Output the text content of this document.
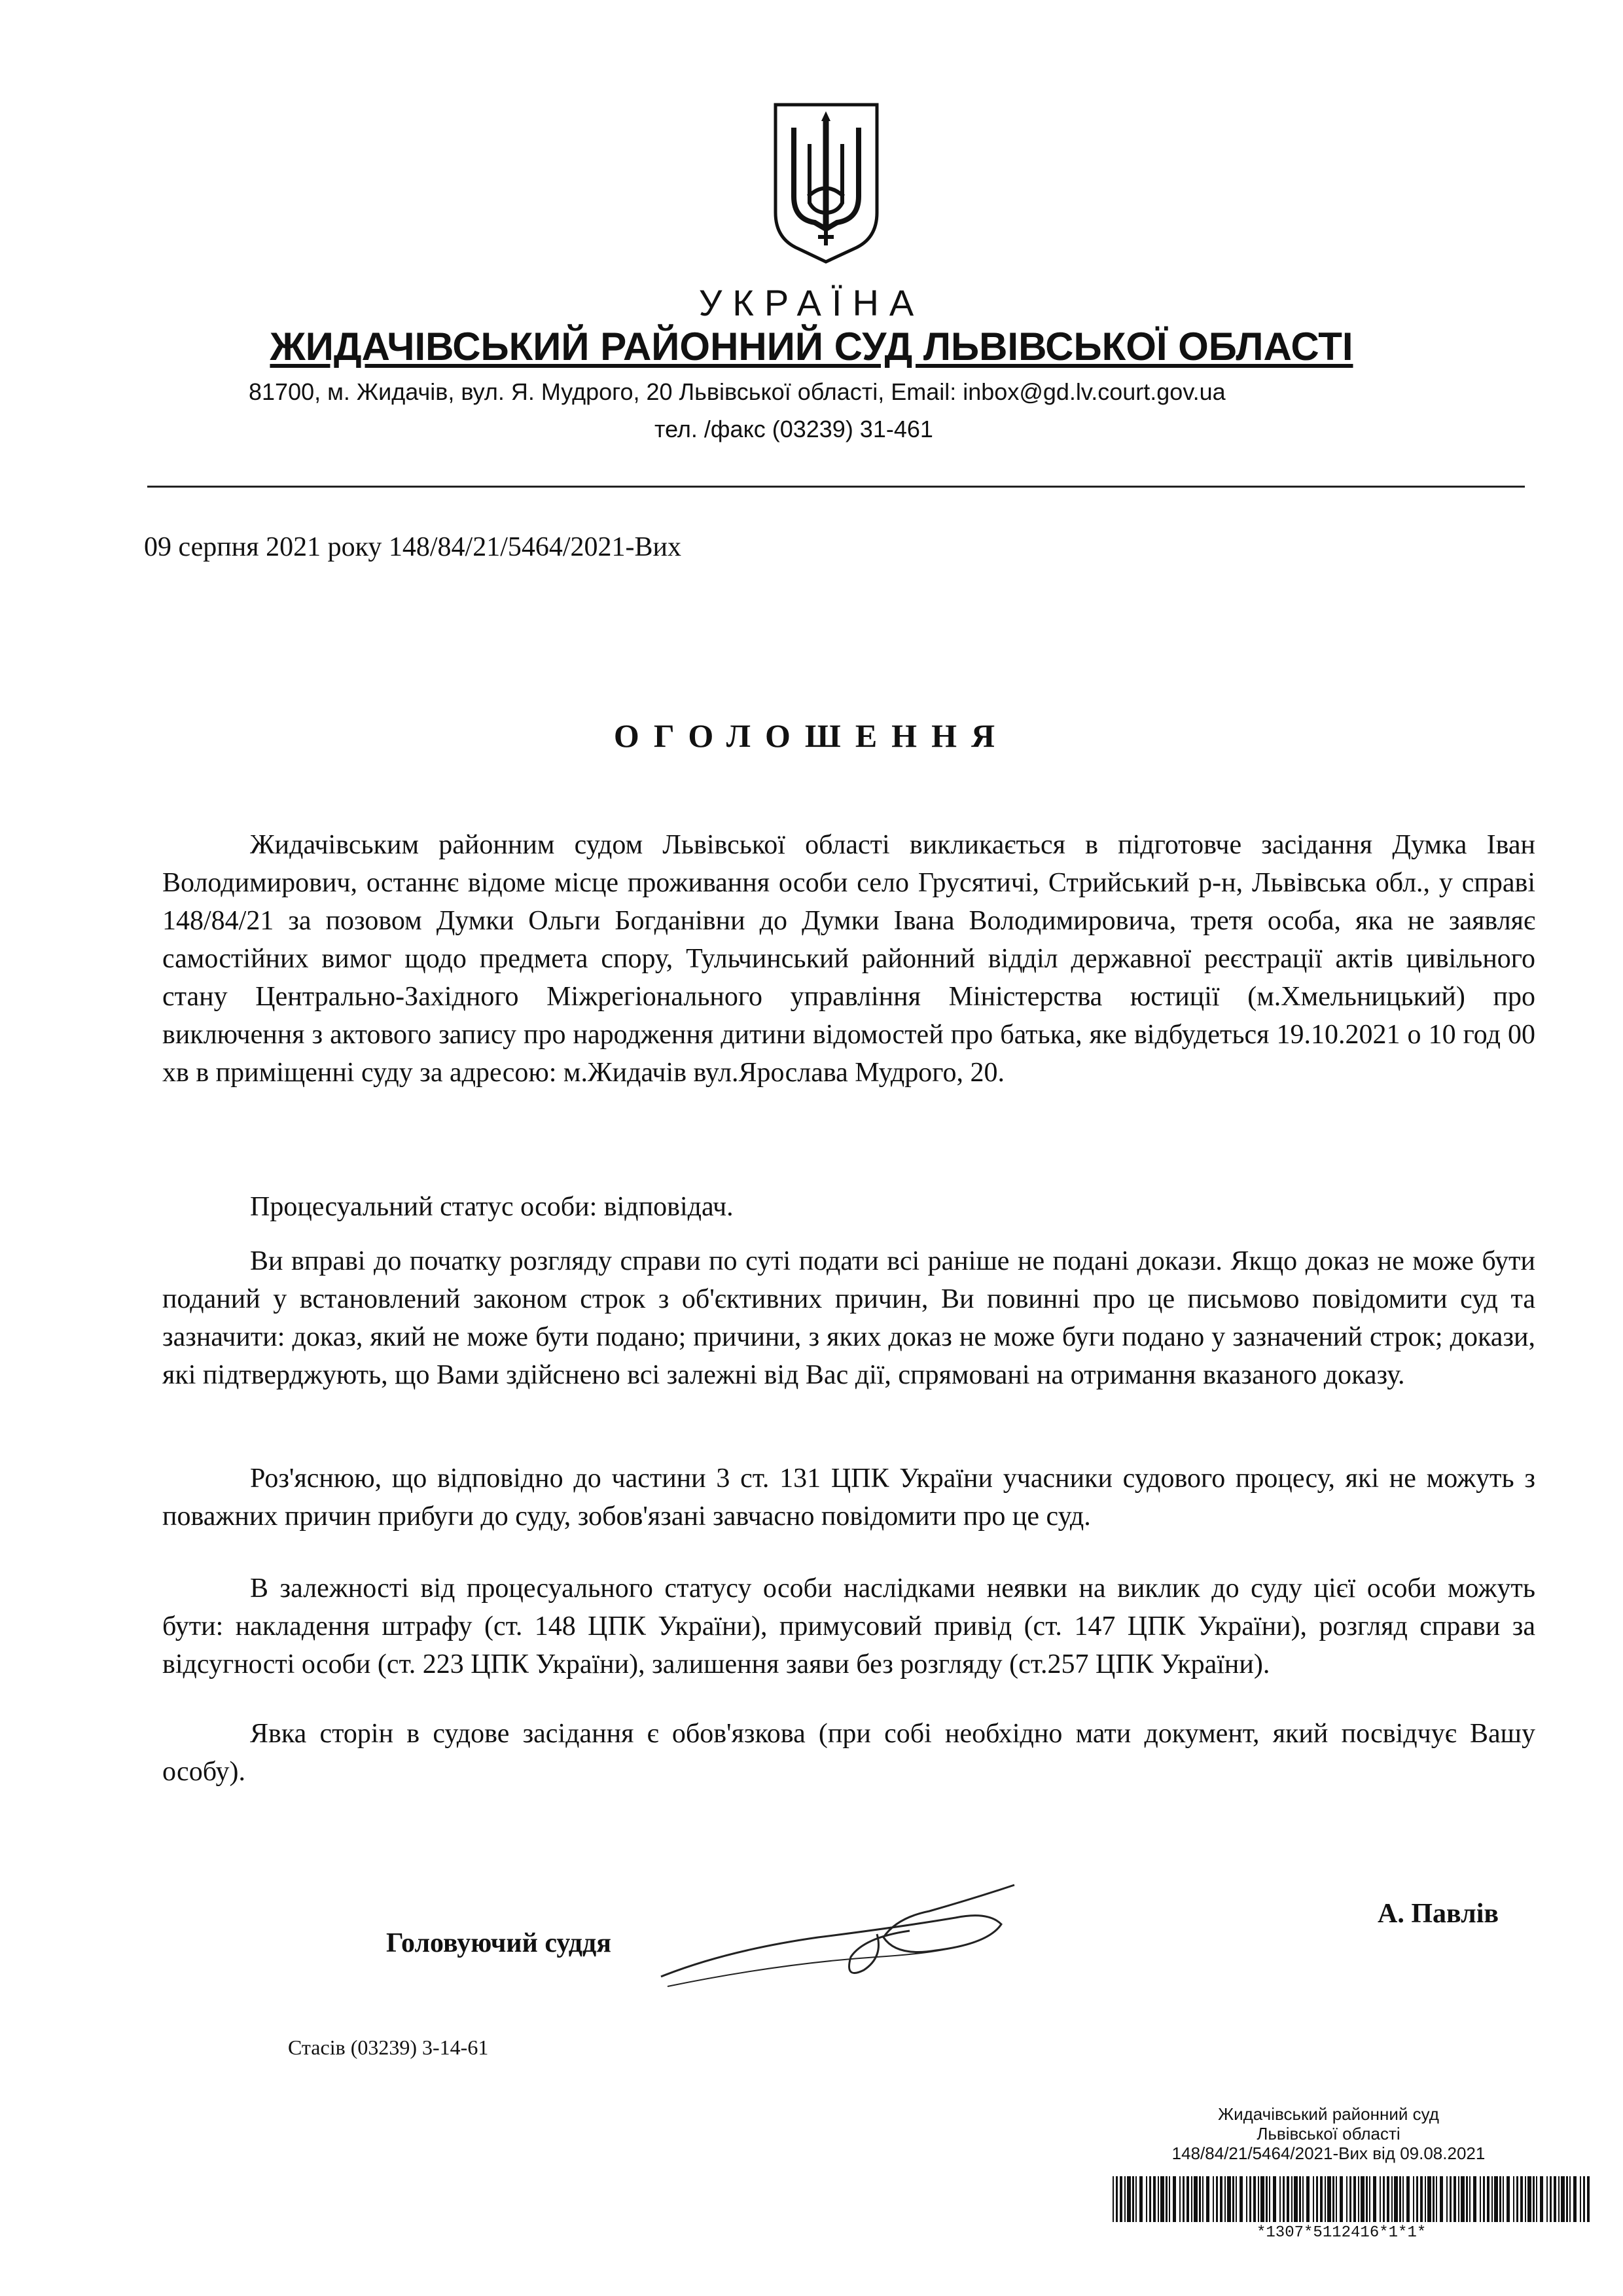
УКРАЇНА
ЖИДАЧІВСЬКИЙ РАЙОННИЙ СУД ЛЬВІВСЬКОЇ ОБЛАСТІ
81700, м. Жидачів, вул. Я. Мудрого, 20 Львівської області, Email: inbox@gd.lv.court.gov.ua
тел. /факс (03239) 31-461
09 серпня 2021 року 148/84/21/5464/2021-Вих
ОГОЛОШЕННЯ

Жидачівським районним судом Львівської області викликається в підготовче засідання Думка Іван Володимирович, останнє відоме місце проживання особи село Грусятичі, Стрийський р-н, Львівська обл., у справі 148/84/21 за позовом Думки Ольги Богданівни до Думки Івана Володимировича, третя особа, яка не заявляє самостійних вимог щодо предмета спору, Тульчинський районний відділ державної реєстрації актів цивільного стану Центрально-Західного Міжрегіонального управління Міністерства юстиції (м.Хмельницький) про виключення з актового запису про народження дитини відомостей про батька, яке відбудеться 19.10.2021 о 10 год 00 хв в приміщенні суду за адресою: м.Жидачів вул.Ярослава Мудрого, 20.

Процесуальний статус особи: відповідач.

Ви вправі до початку розгляду справи по суті подати всі раніше не подані докази. Якщо доказ не може бути поданий у встановлений законом строк з об'єктивних причин, Ви повинні про це письмово повідомити суд та зазначити: доказ, який не може бути подано; причини, з яких доказ не може буги подано у зазначений строк; докази, які підтверджують, що Вами здійснено всі залежні від Вас дії, спрямовані на отримання вказаного доказу.

Роз'яснюю, що відповідно до частини 3 ст. 131 ЦПК України учасники судового процесу, які не можуть з поважних причин прибуги до суду, зобов'язані завчасно повідомити про це суд.

В залежності від процесуального статусу особи наслідками неявки на виклик до суду цієї особи можуть бути: накладення штрафу (ст. 148 ЦПК України), примусовий привід (ст. 147 ЦПК України), розгляд справи за відсугності особи (ст. 223 ЦПК України), залишення заяви без розгляду (ст.257 ЦПК України).

Явка сторін в судове засідання є обов'язкова (при собі необхідно мати документ, який посвідчує Вашу особу).

Головуючий суддя
А. Павлів
Стасів (03239) 3-14-61
Жидачівський районний суд
Львівської області
148/84/21/5464/2021-Вих від 09.08.2021
*1307*5112416*1*1*
